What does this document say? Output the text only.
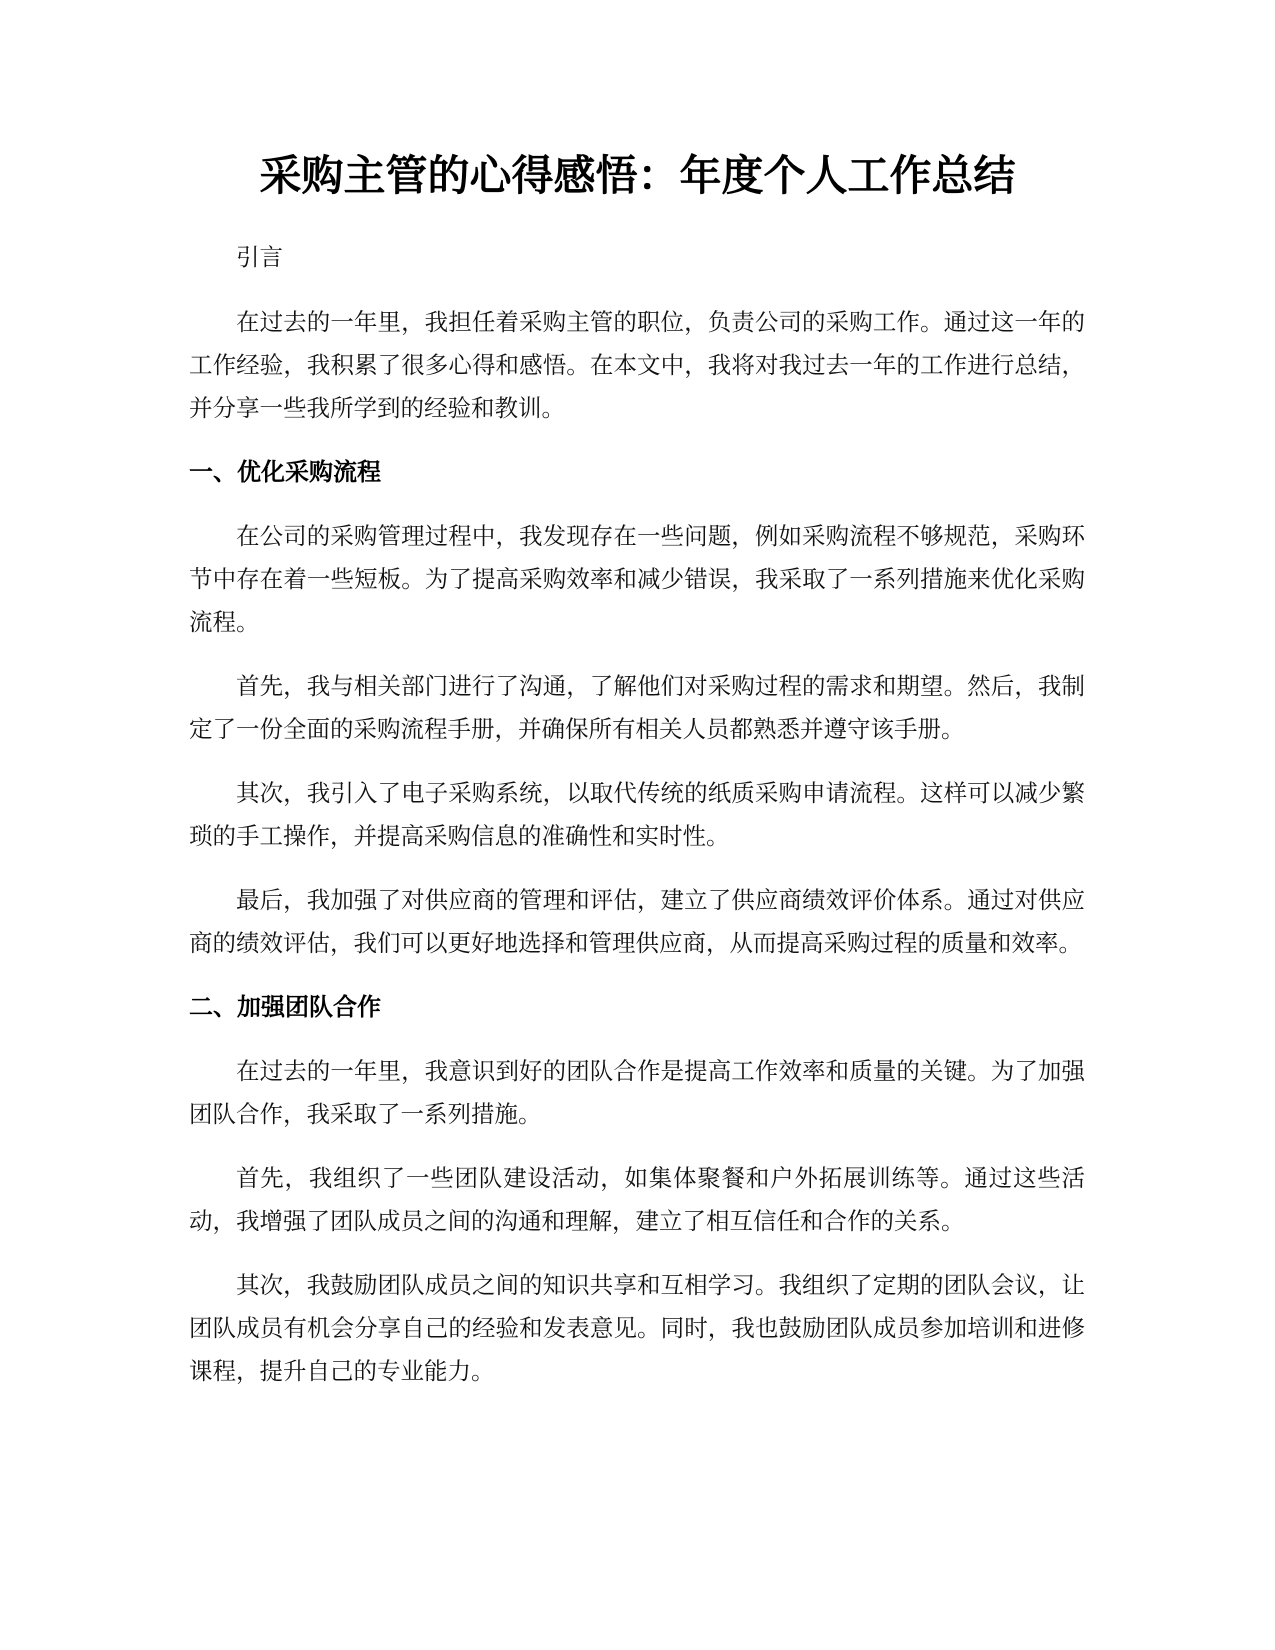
采购主管的心得感悟：年度个人工作总结

引言

在过去的一年里，我担任着采购主管的职位，负责公司的采购工作。通过这一年的工作经验，我积累了很多心得和感悟。在本文中，我将对我过去一年的工作进行总结，并分享一些我所学到的经验和教训。

一、优化采购流程

在公司的采购管理过程中，我发现存在一些问题，例如采购流程不够规范，采购环节中存在着一些短板。为了提高采购效率和减少错误，我采取了一系列措施来优化采购流程。

首先，我与相关部门进行了沟通，了解他们对采购过程的需求和期望。然后，我制定了一份全面的采购流程手册，并确保所有相关人员都熟悉并遵守该手册。

其次，我引入了电子采购系统，以取代传统的纸质采购申请流程。这样可以减少繁琐的手工操作，并提高采购信息的准确性和实时性。

最后，我加强了对供应商的管理和评估，建立了供应商绩效评价体系。通过对供应商的绩效评估，我们可以更好地选择和管理供应商，从而提高采购过程的质量和效率。

二、加强团队合作

在过去的一年里，我意识到好的团队合作是提高工作效率和质量的关键。为了加强团队合作，我采取了一系列措施。

首先，我组织了一些团队建设活动，如集体聚餐和户外拓展训练等。通过这些活动，我增强了团队成员之间的沟通和理解，建立了相互信任和合作的关系。

其次，我鼓励团队成员之间的知识共享和互相学习。我组织了定期的团队会议，让团队成员有机会分享自己的经验和发表意见。同时，我也鼓励团队成员参加培训和进修课程，提升自己的专业能力。
